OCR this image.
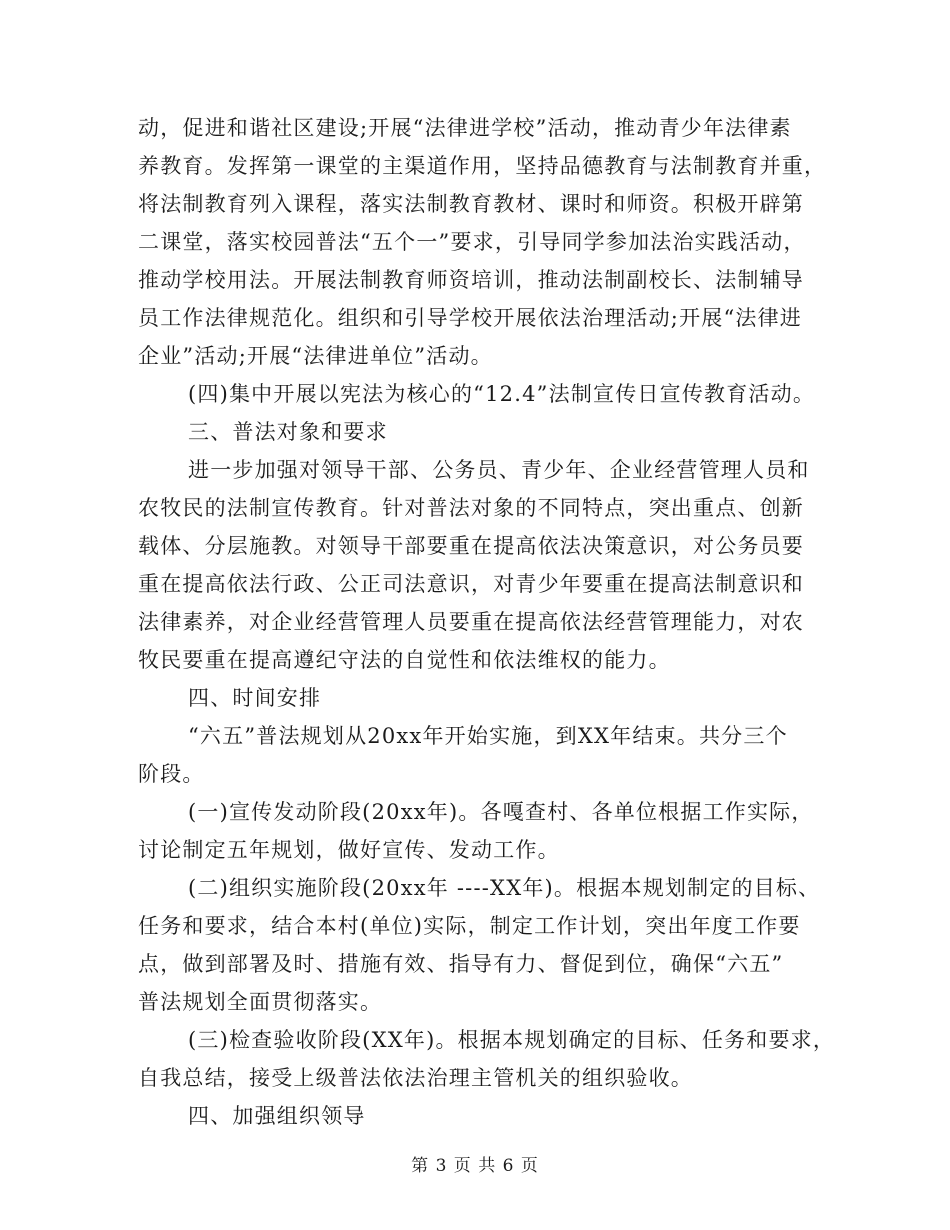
动，促进和谐社区建设;开展“法律进学校”活动，推动青少年法律素
养教育。发挥第一课堂的主渠道作用，坚持品德教育与法制教育并重，
将法制教育列入课程，落实法制教育教材、课时和师资。积极开辟第
二课堂，落实校园普法“五个一”要求，引导同学参加法治实践活动，
推动学校用法。开展法制教育师资培训，推动法制副校长、法制辅导
员工作法律规范化。组织和引导学校开展依法治理活动;开展“法律进
企业”活动;开展“法律进单位”活动。
(四)集中开展以宪法为核心的“12.4”法制宣传日宣传教育活动。
三、普法对象和要求
进一步加强对领导干部、公务员、青少年、企业经营管理人员和
农牧民的法制宣传教育。针对普法对象的不同特点，突出重点、创新
载体、分层施教。对领导干部要重在提高依法决策意识，对公务员要
重在提高依法行政、公正司法意识，对青少年要重在提高法制意识和
法律素养，对企业经营管理人员要重在提高依法经营管理能力，对农
牧民要重在提高遵纪守法的自觉性和依法维权的能力。
四、时间安排
“六五”普法规划从20xx年开始实施，到XX年结束。共分三个
阶段。
(一)宣传发动阶段(20xx年)。各嘎查村、各单位根据工作实际，
讨论制定五年规划，做好宣传、发动工作。
(二)组织实施阶段(20xx年 ----XX年)。根据本规划制定的目标、
任务和要求，结合本村(单位)实际，制定工作计划，突出年度工作要
点，做到部署及时、措施有效、指导有力、督促到位，确保“六五”
普法规划全面贯彻落实。
(三)检查验收阶段(XX年)。根据本规划确定的目标、任务和要求，
自我总结，接受上级普法依法治理主管机关的组织验收。
四、加强组织领导
第 3 页 共 6 页
